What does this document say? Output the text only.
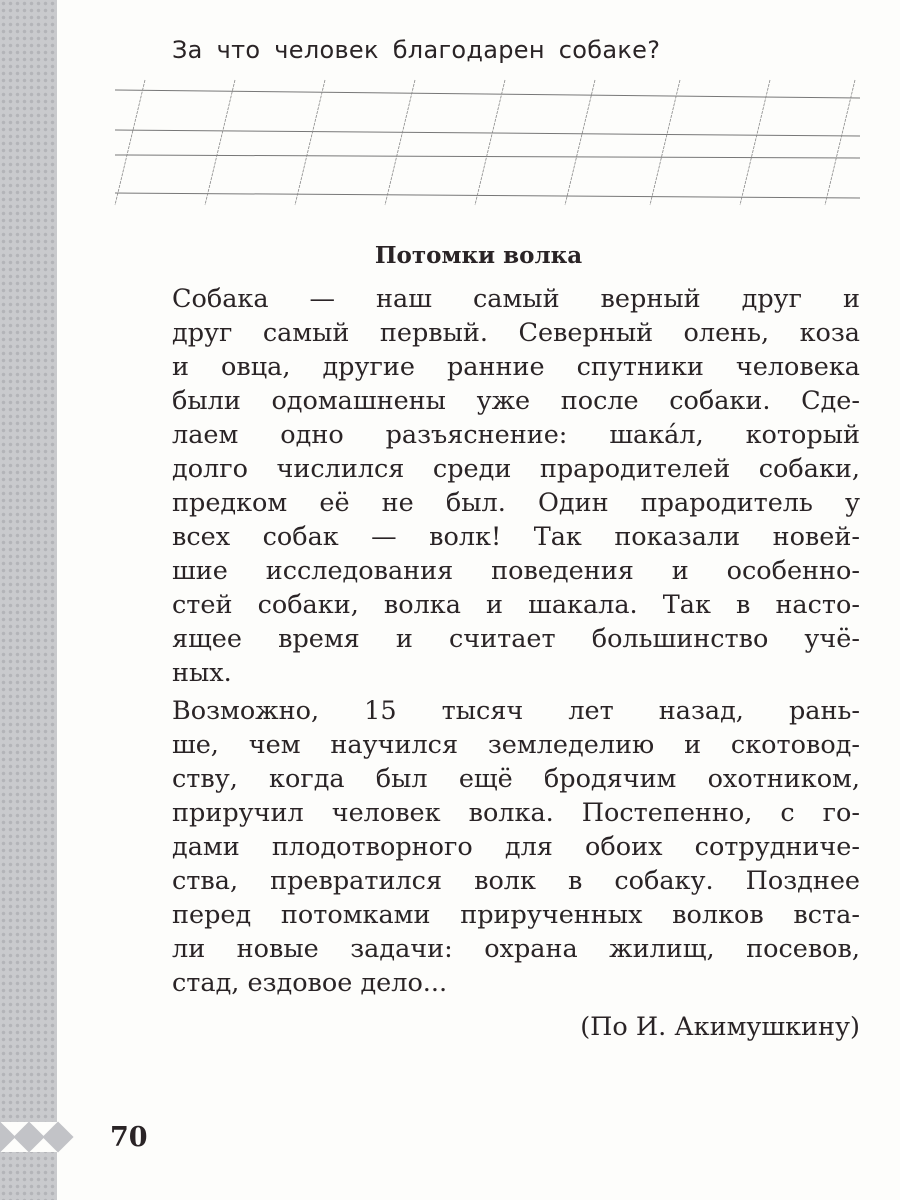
За что человек благодарен собаке?
Потомки волка
Собака — наш самый верный друг и
друг самый первый. Северный олень, коза
и овца, другие ранние спутники человека
были одомашнены уже после собаки. Сде-
лаем одно разъяснение: шака́л, который
долго числился среди прародителей собаки,
предком её не был. Один прародитель у
всех собак — волк! Так показали новей-
шие исследования поведения и особенно-
стей собаки, волка и шакала. Так в насто-
ящее время и считает большинство учё-
ных.
Возможно, 15 тысяч лет назад, рань-
ше, чем научился земледелию и скотовод-
ству, когда был ещё бродячим охотником,
приручил человек волка. Постепенно, с го-
дами плодотворного для обоих сотрудниче-
ства, превратился волк в собаку. Позднее
перед потомками прирученных волков вста-
ли новые задачи: охрана жилищ, посевов,
стад, ездовое дело...
(По И. Акимушкину)
70
